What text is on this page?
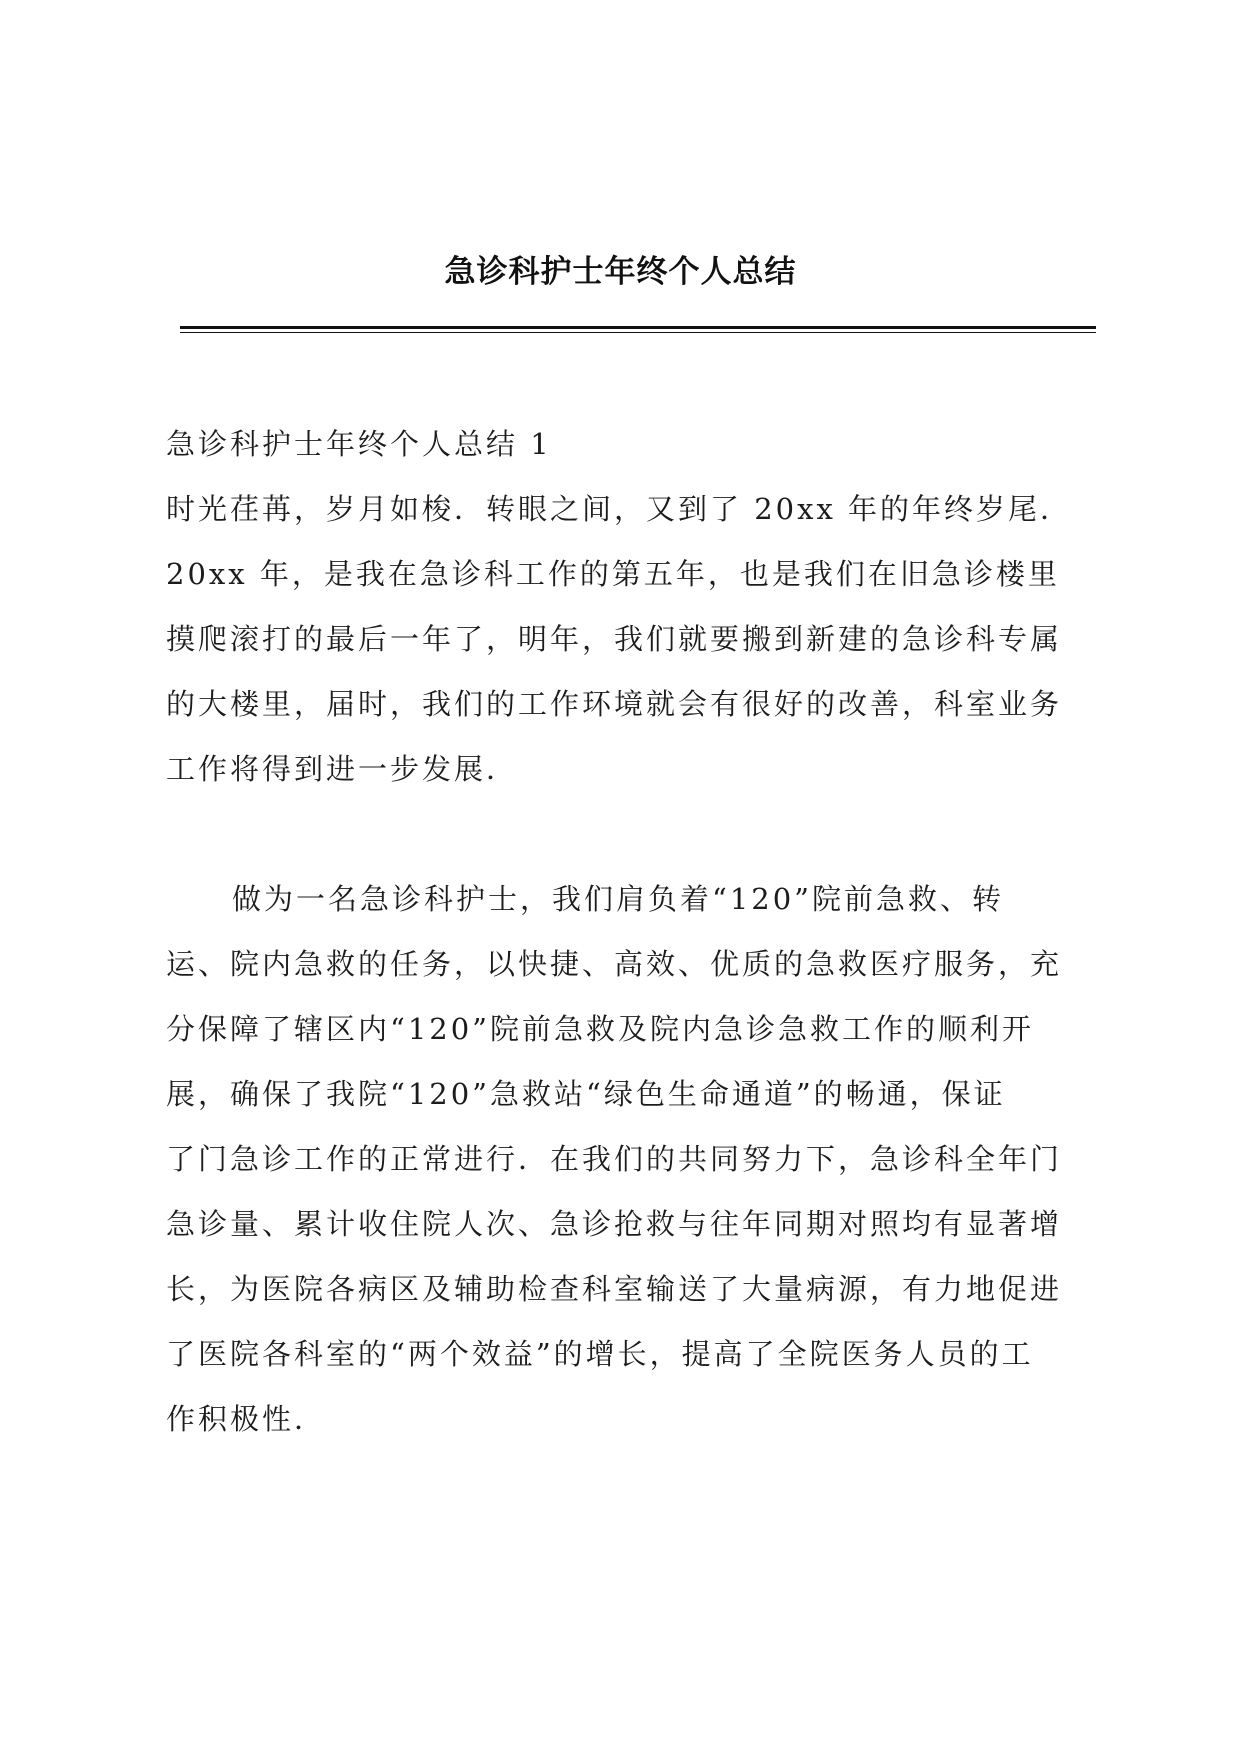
急诊科护士年终个人总结
急诊科护士年终个人总结 1
时光荏苒，岁月如梭．转眼之间，又到了 20xx 年的年终岁尾．
20xx 年，是我在急诊科工作的第五年，也是我们在旧急诊楼里
摸爬滚打的最后一年了，明年，我们就要搬到新建的急诊科专属
的大楼里，届时，我们的工作环境就会有很好的改善，科室业务
工作将得到进一步发展．
做为一名急诊科护士，我们肩负着“120”院前急救、转
运、院内急救的任务，以快捷、高效、优质的急救医疗服务，充
分保障了辖区内“120”院前急救及院内急诊急救工作的顺利开
展，确保了我院“120”急救站“绿色生命通道”的畅通，保证
了门急诊工作的正常进行．在我们的共同努力下，急诊科全年门
急诊量、累计收住院人次、急诊抢救与往年同期对照均有显著增
长，为医院各病区及辅助检查科室输送了大量病源，有力地促进
了医院各科室的“两个效益”的增长，提高了全院医务人员的工
作积极性．
